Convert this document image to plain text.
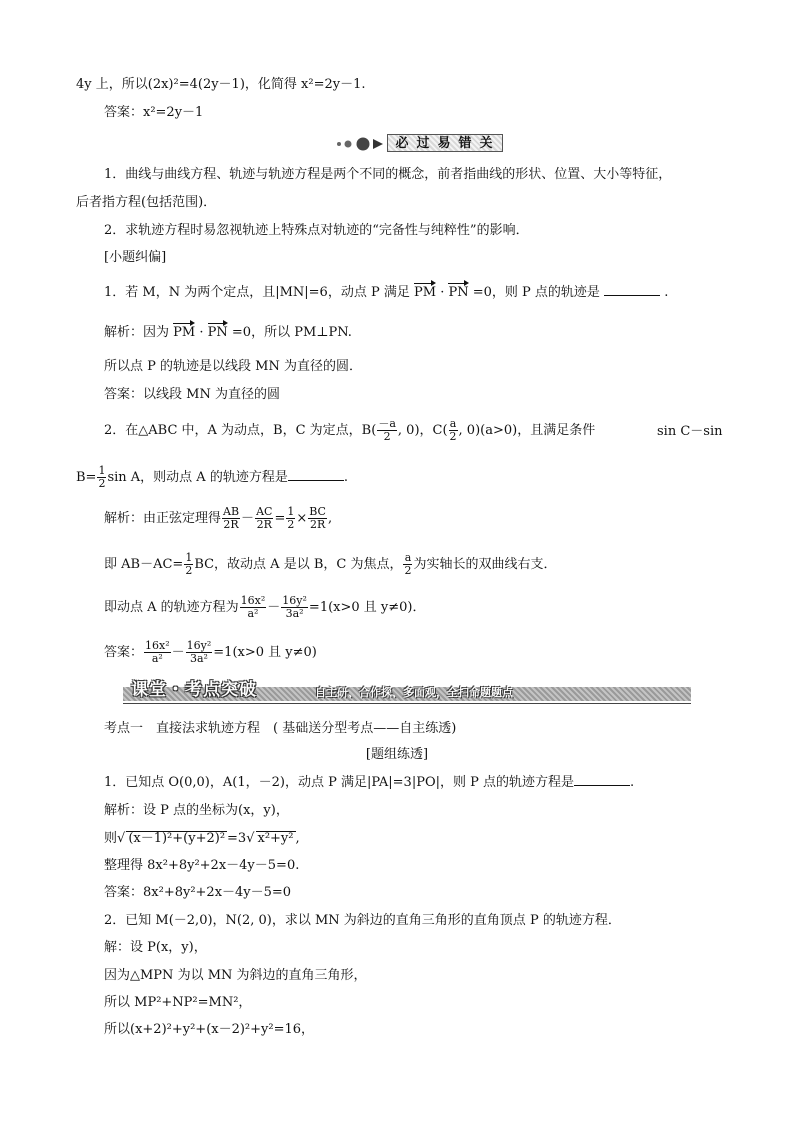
4y 上，所以(2x)²=4(2y－1)，化简得 x²=2y－1.
答案：x²=2y－1
必过易错关
1．曲线与曲线方程、轨迹与轨迹方程是两个不同的概念，前者指曲线的形状、位置、大小等特征，
后者指方程(包括范围)．
2．求轨迹方程时易忽视轨迹上特殊点对轨迹的“完备性与纯粹性”的影响．
[小题纠偏]
1．若 M，N 为两个定点，且|MN|=6，动点 P 满足 PM · PN =0，则 P 点的轨迹是	.
解析：因为 PM · PN =0，所以 PM⊥PN.
所以点 P 的轨迹是以线段 MN 为直径的圆．
答案：以线段 MN 为直径的圆
2．在△ABC 中，A 为动点，B，C 为定点，$B( \frac{-a}{2}$ , 0)，$C( \frac{a}{2}$ , 0)(a>0)，且满足条件	sin C－sin
$B= \frac{1}{2}$ sin A，则动点 A 的轨迹方程是	.
解析：由正弦定理得 $\frac{AB}{2R} - \frac{AC}{2R} = \frac{1}{2} \times \frac{BC}{2R}$ ,
即 $AB-AC= \frac{1}{2}$ BC，故动点 A 是以 B，C 为焦点， $\frac{a}{2}$ 为实轴长的双曲线右支．
即动点 A 的轨迹方程为 $\frac{\text{16x²}}{\text{a²}} - \frac{\text{16y²}}{\text{3a²}} =1(x>0$ 且 y≠0)．
答案： $\frac{\text{16x²}}{\text{a²}} - \frac{\text{16y²}}{\text{3a²}} =1(x>0$ 且 y≠0)
课堂・考点突破	自主研、合作探、多面观，全扫命题题点
考点一　直接法求轨迹方程　( 基础送分型考点——自主练透)
[题组练透]
1．已知点 O(0,0)，A(1，－2)，动点 P 满足|PA|=3|PO|，则 P 点的轨迹方程是	.
解析：设 P 点的坐标为(x，y)，
则√ (x－1)²+(y+2)² =3√ x²+y² ,
整理得 8x²+8y²+2x－4y－5=0.
答案：8x²+8y²+2x－4y－5=0
2．已知 M(－2,0)，N(2, 0)，求以 MN 为斜边的直角三角形的直角顶点 P 的轨迹方程．
解：设 P(x，y)，
因为△MPN 为以 MN 为斜边的直角三角形，
所以 MP²+NP²=MN²，
所以(x+2)²+y²+(x－2)²+y²=16，
